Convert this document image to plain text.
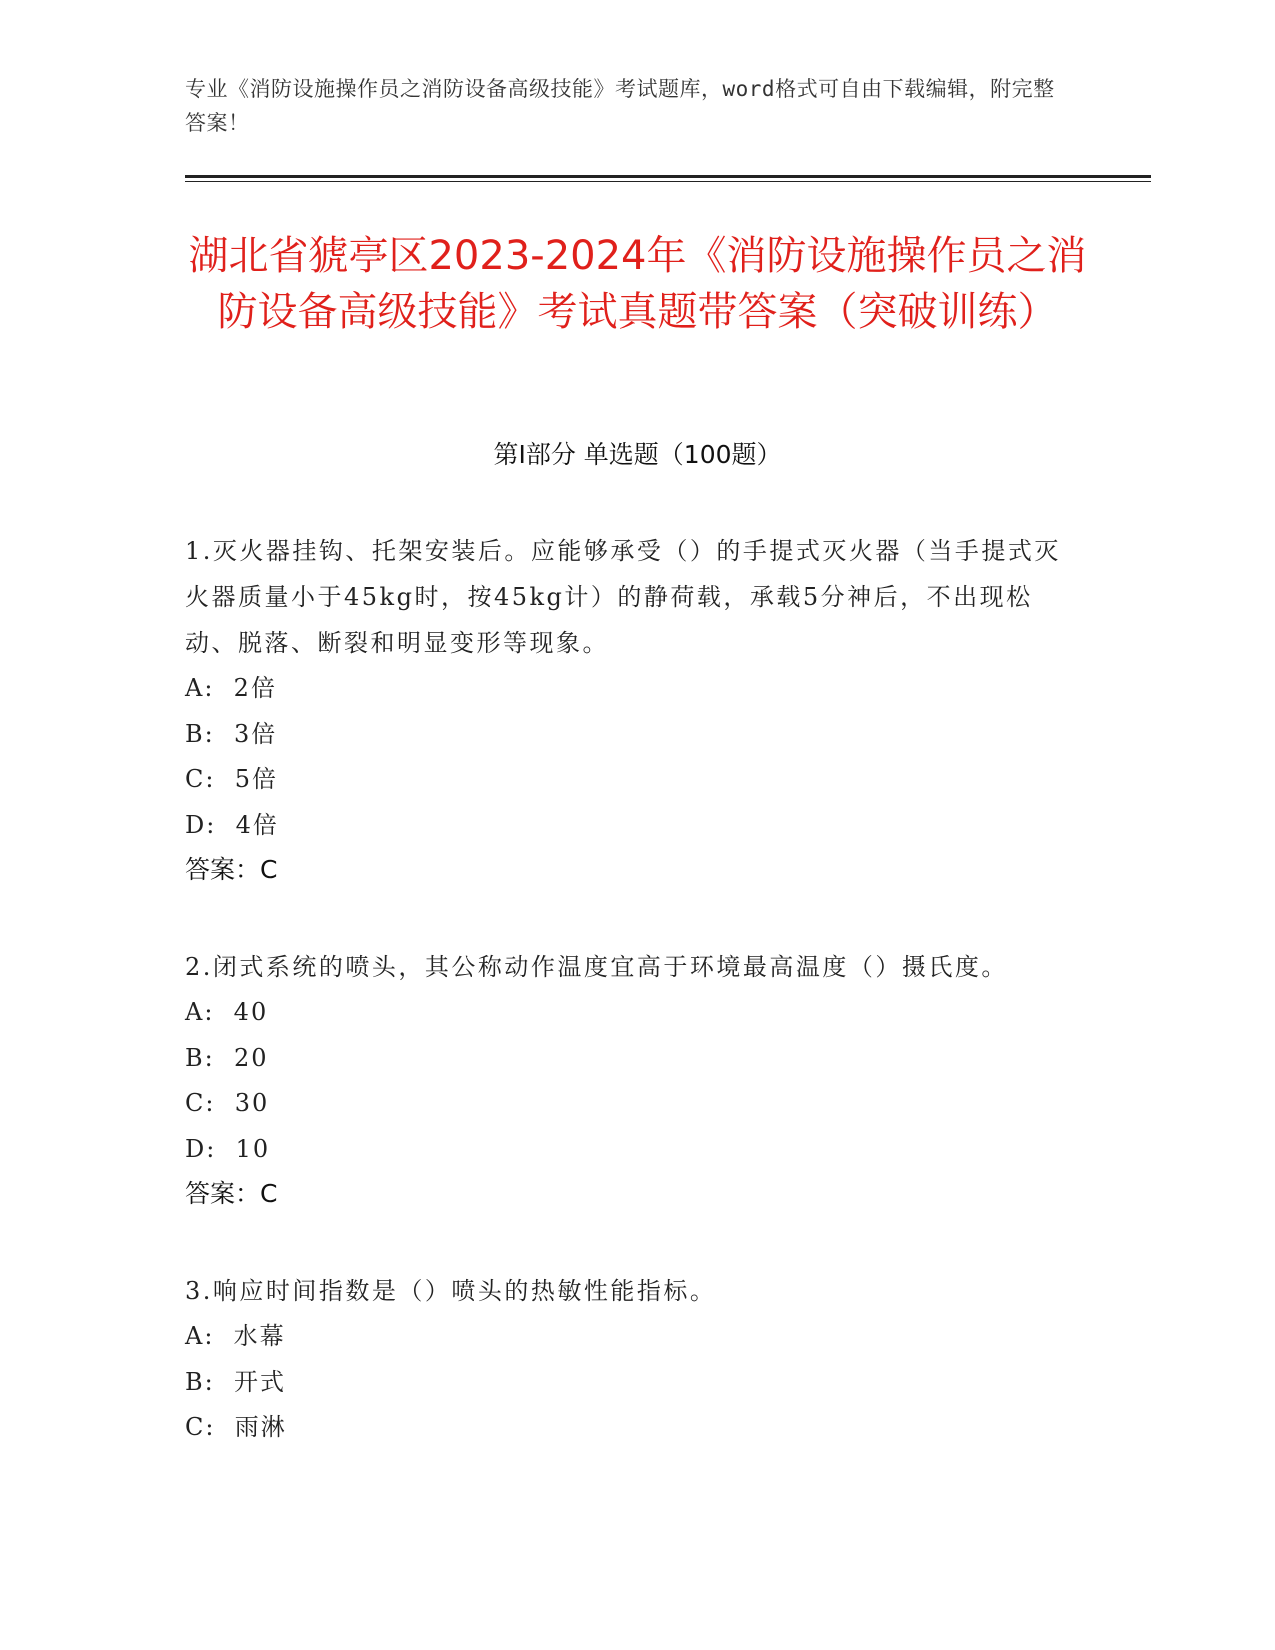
专业《消防设施操作员之消防设备高级技能》考试题库，word格式可自由下载编辑，附完整答案！
湖北省猇亭区2023-2024年《消防设施操作员之消防设备高级技能》考试真题带答案（突破训练）
第I部分 单选题（100题）

1.灭火器挂钩、托架安装后。应能够承受（）的手提式灭火器（当手提式灭火器质量小于45kg时，按45kg计）的静荷载，承载5分神后，不出现松动、脱落、断裂和明显变形等现象。

A:  2倍

B:  3倍

C:  5倍

D:  4倍

答案：C

2.闭式系统的喷头，其公称动作温度宜高于环境最高温度（）摄氏度。

A:  40

B:  20

C:  30

D:  10

答案：C

3.响应时间指数是（）喷头的热敏性能指标。

A:  水幕

B:  开式

C:  雨淋
